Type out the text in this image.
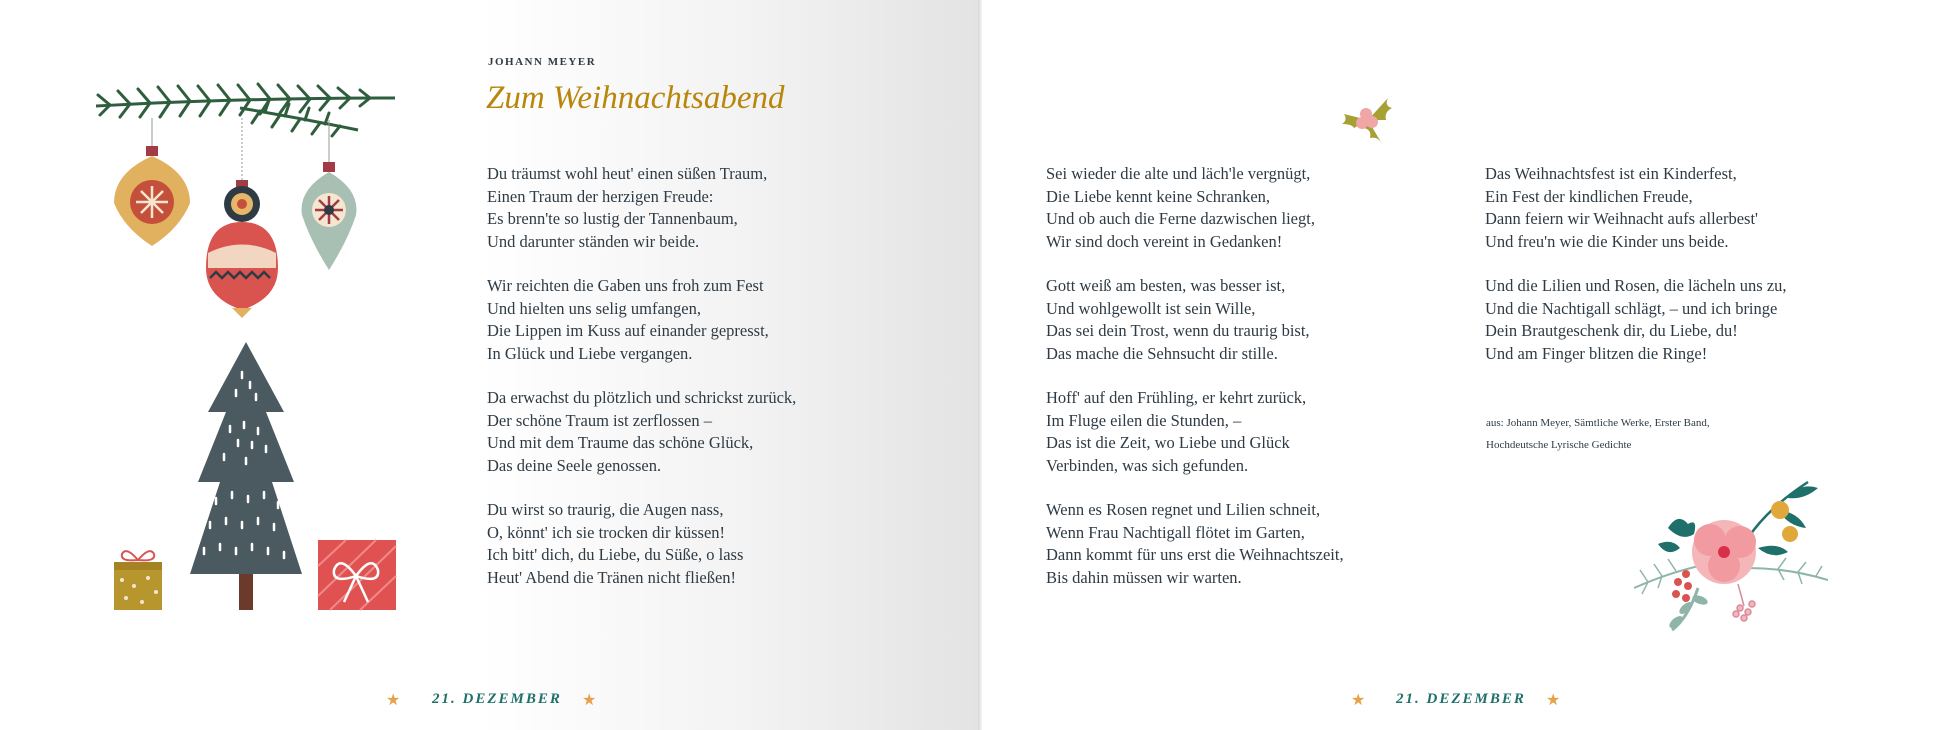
JOHANN MEYER
Zum Weihnachtsabend
Du träumst wohl heut' einen süßen Traum,
Einen Traum der herzigen Freude:
Es brenn'te so lustig der Tannenbaum,
Und darunter ständen wir beide.
Wir reichten die Gaben uns froh zum Fest
Und hielten uns selig umfangen,
Die Lippen im Kuss auf einander gepresst,
In Glück und Liebe vergangen.
Da erwachst du plötzlich und schrickst zurück,
Der schöne Traum ist zerflossen –
Und mit dem Traume das schöne Glück,
Das deine Seele genossen.
Du wirst so traurig, die Augen nass,
O, könnt' ich sie trocken dir küssen!
Ich bitt' dich, du Liebe, du Süße, o lass
Heut' Abend die Tränen nicht fließen!
★ 21. DEZEMBER ★
Sei wieder die alte und läch'le vergnügt,
Die Liebe kennt keine Schranken,
Und ob auch die Ferne dazwischen liegt,
Wir sind doch vereint in Gedanken!
Gott weiß am besten, was besser ist,
Und wohlgewollt ist sein Wille,
Das sei dein Trost, wenn du traurig bist,
Das mache die Sehnsucht dir stille.
Hoff' auf den Frühling, er kehrt zurück,
Im Fluge eilen die Stunden, –
Das ist die Zeit, wo Liebe und Glück
Verbinden, was sich gefunden.
Wenn es Rosen regnet und Lilien schneit,
Wenn Frau Nachtigall flötet im Garten,
Dann kommt für uns erst die Weihnachtszeit,
Bis dahin müssen wir warten.
Das Weihnachtsfest ist ein Kinderfest,
Ein Fest der kindlichen Freude,
Dann feiern wir Weihnacht aufs allerbest'
Und freu'n wie die Kinder uns beide.
Und die Lilien und Rosen, die lächeln uns zu,
Und die Nachtigall schlägt, – und ich bringe
Dein Brautgeschenk dir, du Liebe, du!
Und am Finger blitzen die Ringe!
aus: Johann Meyer, Sämtliche Werke, Erster Band,
Hochdeutsche Lyrische Gedichte
★ 21. DEZEMBER ★
